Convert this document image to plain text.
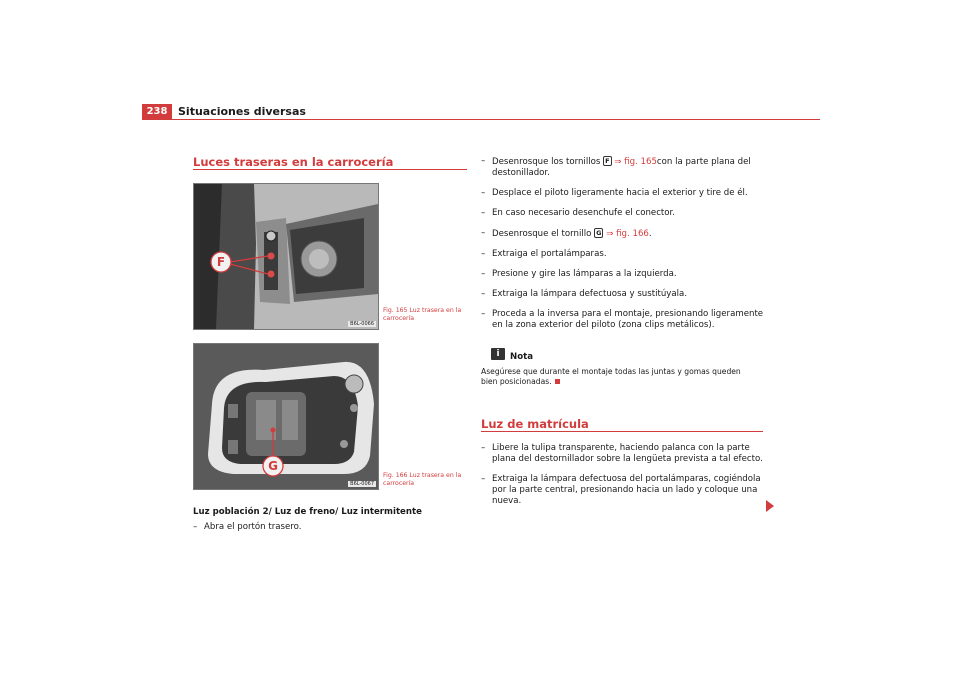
238 Situaciones diversas
Luces traseras en la carrocería
F
B6L-0066
Fig. 165 Luz trasera en la carrocería
G
B6L-0067
Fig. 166 Luz trasera en la carrocería
Luz población 2/ Luz de freno/ Luz intermitente
– Abra el portón trasero.
– Desenrosque los tornillos F ⇒ fig. 165con la parte plana del destonillador.
– Desplace el piloto ligeramente hacia el exterior y tire de él.
– En caso necesario desenchufe el conector.
– Desenrosque el tornillo G ⇒ fig. 166.
– Extraiga el portalámparas.
– Presione y gire las lámparas a la izquierda.
– Extraiga la lámpara defectuosa y sustitúyala.
– Proceda a la inversa para el montaje, presionando ligeramente en la zona exterior del piloto (zona clips metálicos).
i	Nota
Asegúrese que durante el montaje todas las juntas y gomas queden bien posicionadas.
Luz de matrícula
– Libere la tulipa transparente, haciendo palanca con la parte plana del destornillador sobre la lengüeta prevista a tal efecto.
– Extraiga la lámpara defectuosa del portalámparas, cogiéndola por la parte central, presionando hacia un lado y coloque una nueva.
